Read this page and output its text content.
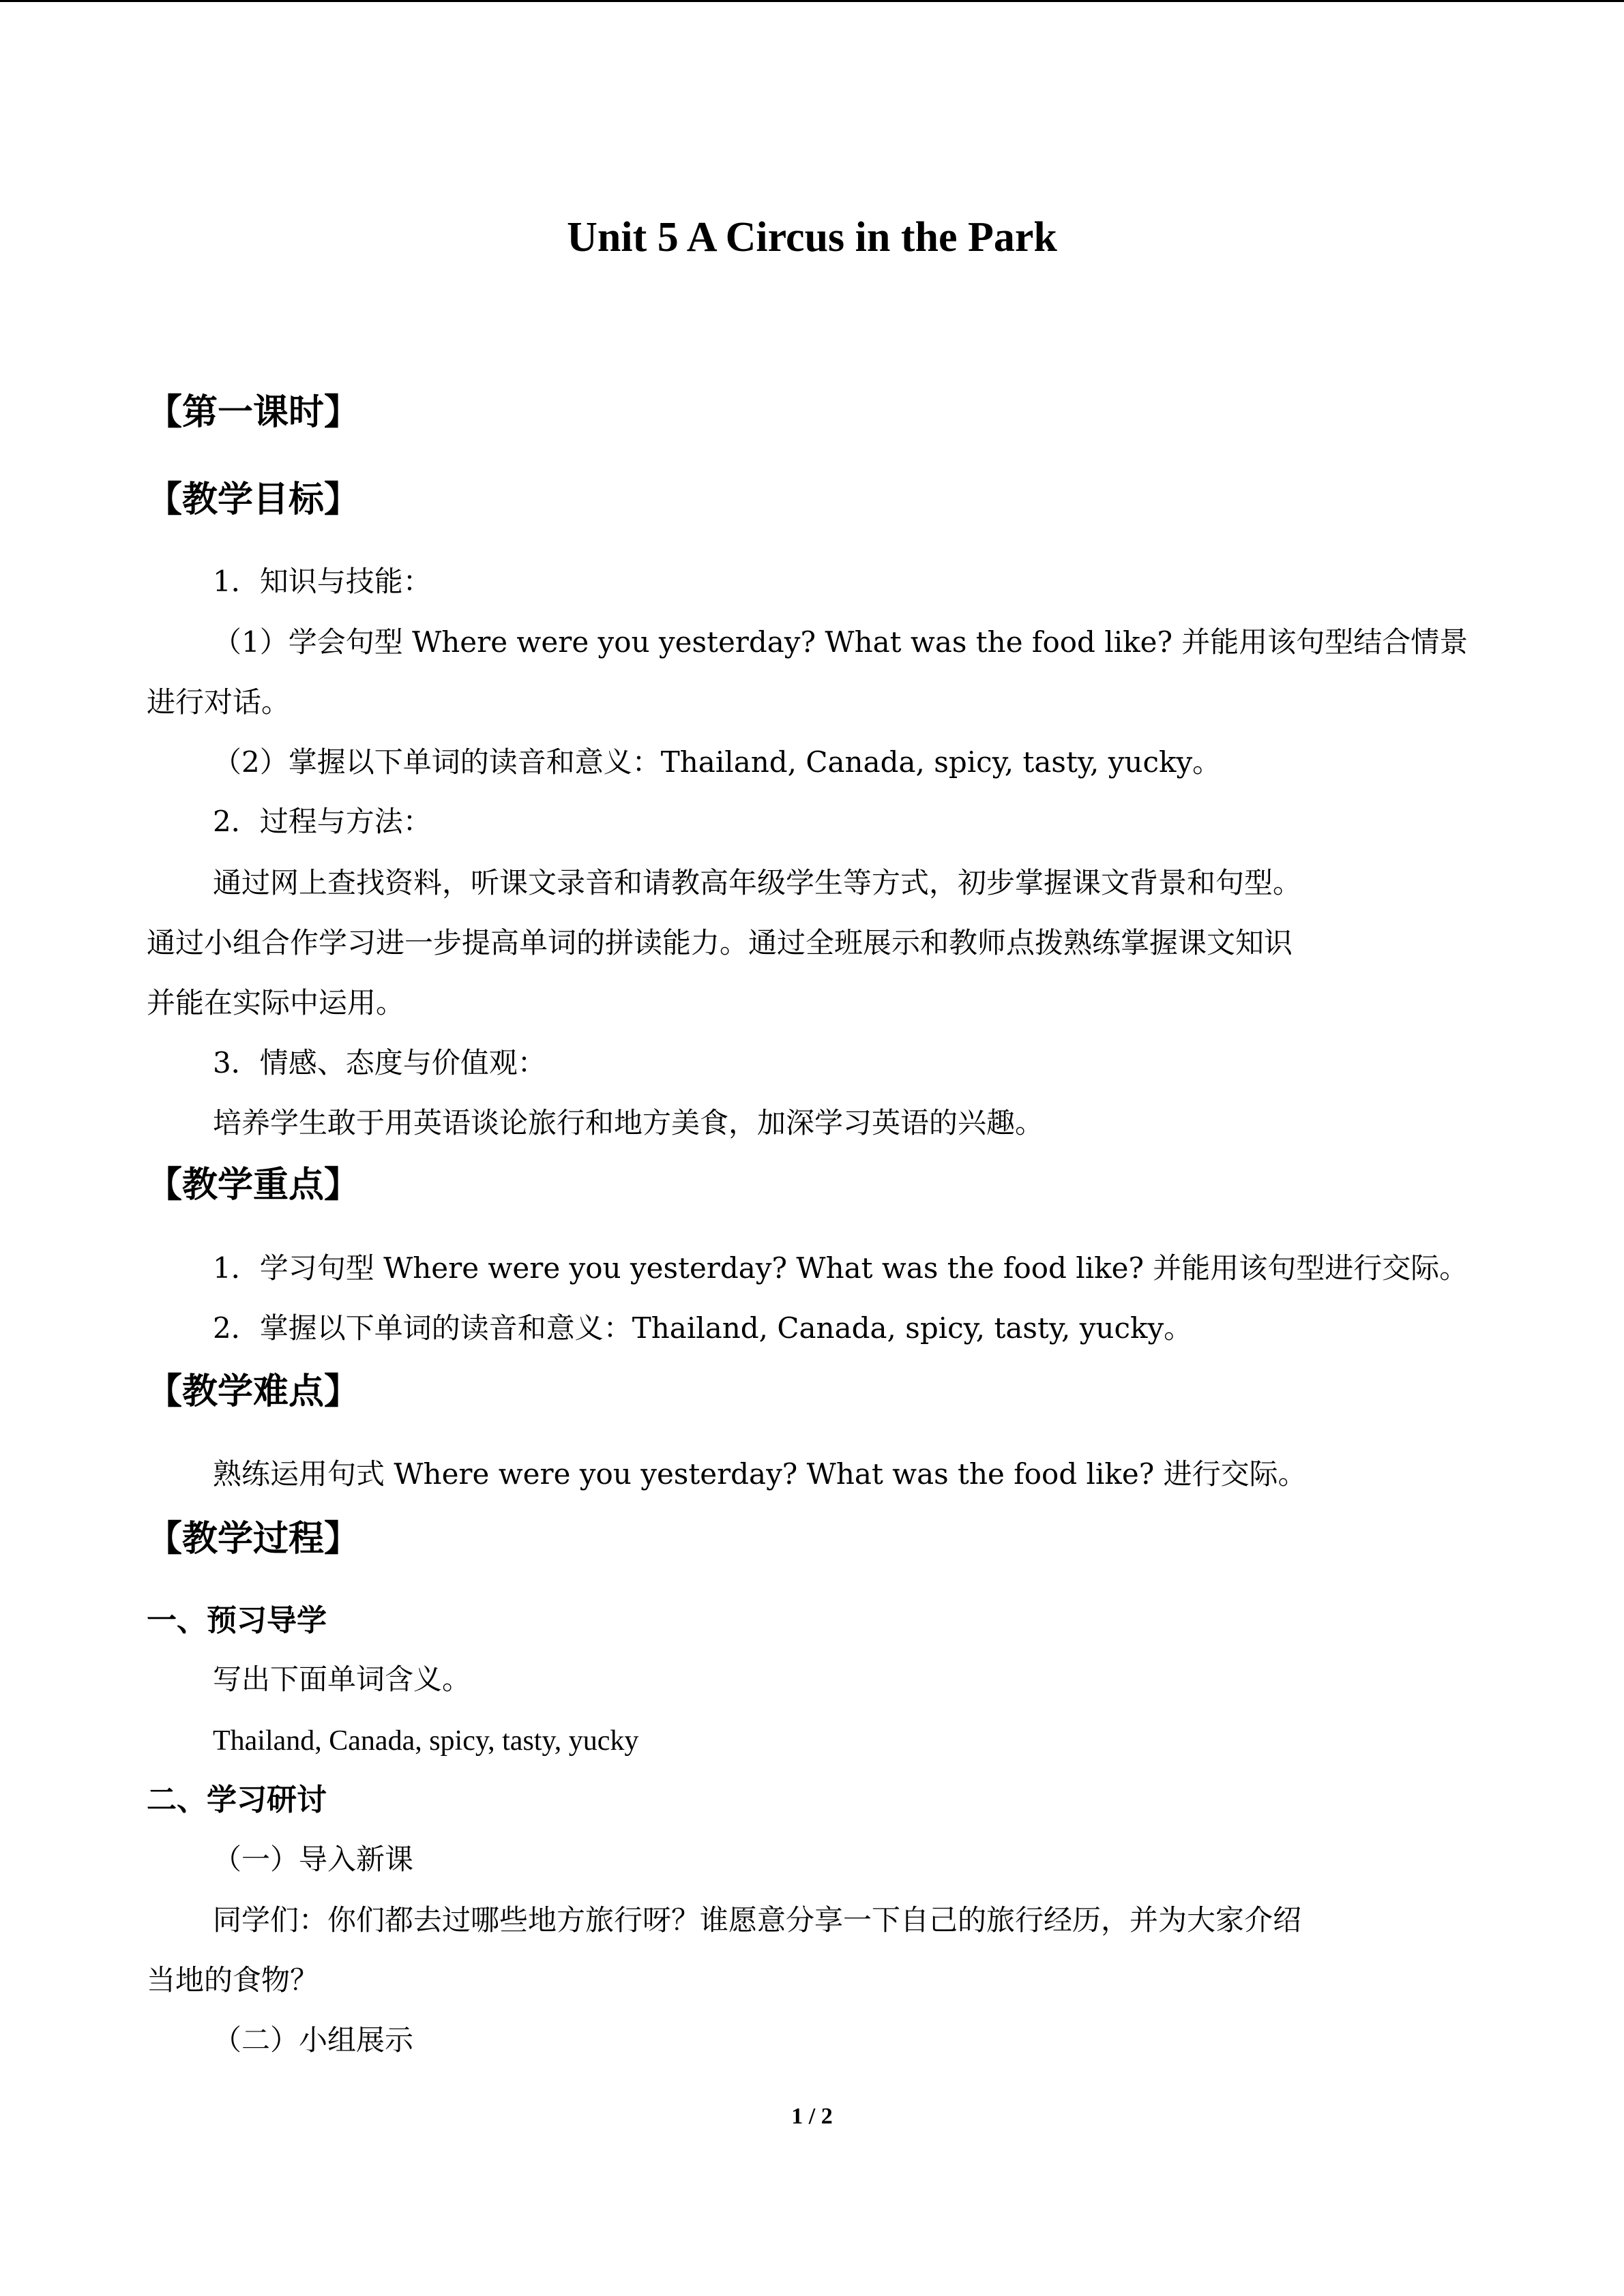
Unit 5 A Circus in the Park
【第一课时】
【教学目标】
1．知识与技能：
（1）学会句型 Where were you yesterday? What was the food like? 并能用该句型结合情景
进行对话。
（2）掌握以下单词的读音和意义：Thailand, Canada, spicy, tasty, yucky。
2．过程与方法：
通过网上查找资料，听课文录音和请教高年级学生等方式，初步掌握课文背景和句型。
通过小组合作学习进一步提高单词的拼读能力。通过全班展示和教师点拨熟练掌握课文知识
并能在实际中运用。
3．情感、态度与价值观：
培养学生敢于用英语谈论旅行和地方美食，加深学习英语的兴趣。
【教学重点】
1．学习句型 Where were you yesterday? What was the food like? 并能用该句型进行交际。
2．掌握以下单词的读音和意义：Thailand, Canada, spicy, tasty, yucky。
【教学难点】
熟练运用句式 Where were you yesterday? What was the food like? 进行交际。
【教学过程】
一、预习导学
写出下面单词含义。
Thailand, Canada, spicy, tasty, yucky
二、学习研讨
（一）导入新课
同学们：你们都去过哪些地方旅行呀？谁愿意分享一下自己的旅行经历，并为大家介绍
当地的食物？
（二）小组展示
1 / 2
